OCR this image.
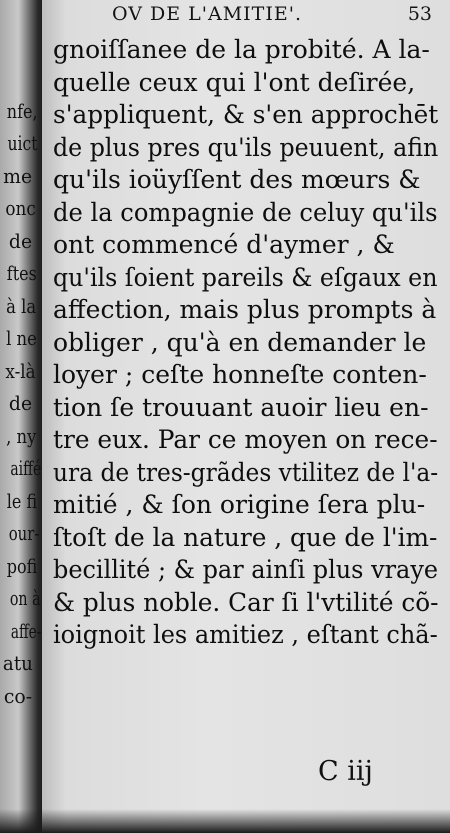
nfe,
uict
me
onc
de
ftes
à la
l ne
x-là
de
, ny
aiffé
le fi
our-
pofi
on à
affe-
atu
co-
OV DE L'AMITIE'.	53
gnoiſſanee de la probité. A la-
quelle ceux qui l'ont deſirée,
s'appliquent, & s'en approchēt
de plus pres qu'ils peuuent, afin
qu'ils ioüyſſent des mœurs &
de la compagnie de celuy qu'ils
ont commencé d'aymer , &
qu'ils ſoient pareils & eſgaux en
affection, mais plus prompts à
obliger , qu'à en demander le
loyer ; ceſte honneſte conten-
tion ſe trouuant auoir lieu en-
tre eux. Par ce moyen on rece-
ura de tres-grãdes vtilitez de l'a-
mitié , & ſon origine ſera plu-
ſtoſt de la nature , que de l'im-
becillité ; & par ainſi plus vraye
& plus noble. Car ſi l'vtilité cõ-
ioignoit les amitiez , eſtant chã-
C iij
